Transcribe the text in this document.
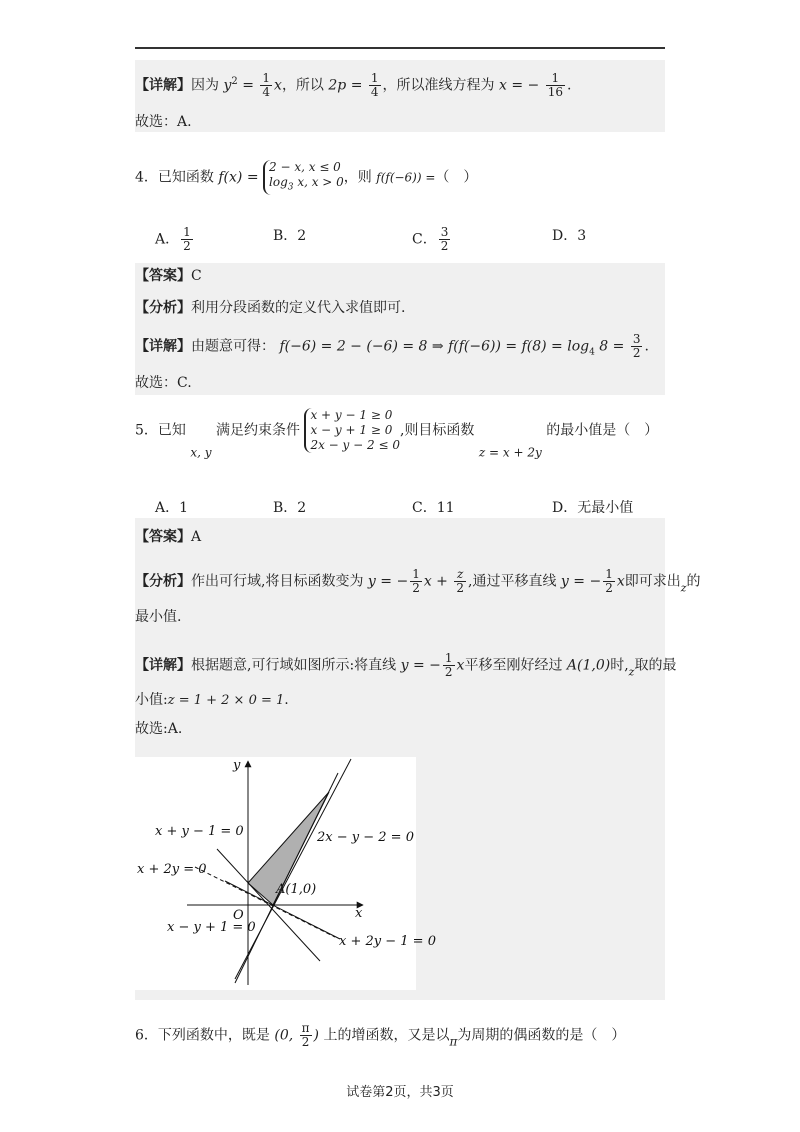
【详解】因为 $y^2 = \frac{1}{4}$ x，所以 $2p = \frac{1}{4}$ ，所以准线方程为 x = − $\frac{1}{16}$ .
故选：A.
4．已知函数 f(x) =
2 − x, x ≤ 0
$\log_3 x$, x > 0 ，则 f(f(−6)) =（　）
A． $\frac{1}{2}$	B．2	C． $\frac{3}{2}$	D．3
【答案】C
【分析】利用分段函数的定义代入求值即可.
【详解】由题意可得： f(−6) = 2 − (−6) = 8 ⇒ $f(f(-6)) = f(8) = \log_4 8 = \frac{3}{2}$ .
故选：C.
5．已知 x, y 满足约束条件
x + y − 1 ≥ 0
x − y + 1 ≥ 0
2x − y − 2 ≤ 0
,则目标函数 z = x + 2y 的最小值是（　）
A．1	B．2	C．11	D．无最小值
【答案】A
【分析】作出可行域,将目标函数变为 y = − $\frac{1}{2}$ $x + \frac{z}{2}$ ,通过平移直线 y = − $\frac{1}{2}$ x即可求出$_z$的
最小值.
【详解】根据题意,可行域如图所示:将直线 y = − $\frac{1}{2}$ x平移至刚好经过 A(1,0)时$,_z$取的最
小值:z = 1 + 2 × 0 = 1.
故选:A.
y
x
O
A(1,0)
x + y − 1 = 0	2x − y − 2 = 0
x + 2y = 0
x − y + 1 = 0
x + 2y − 1 = 0
6．下列函数中，既是 (0, $\frac{\pi}{2}$ ) 上的增函数，又是以π为周期的偶函数的是（　）
试卷第2页，共3页
